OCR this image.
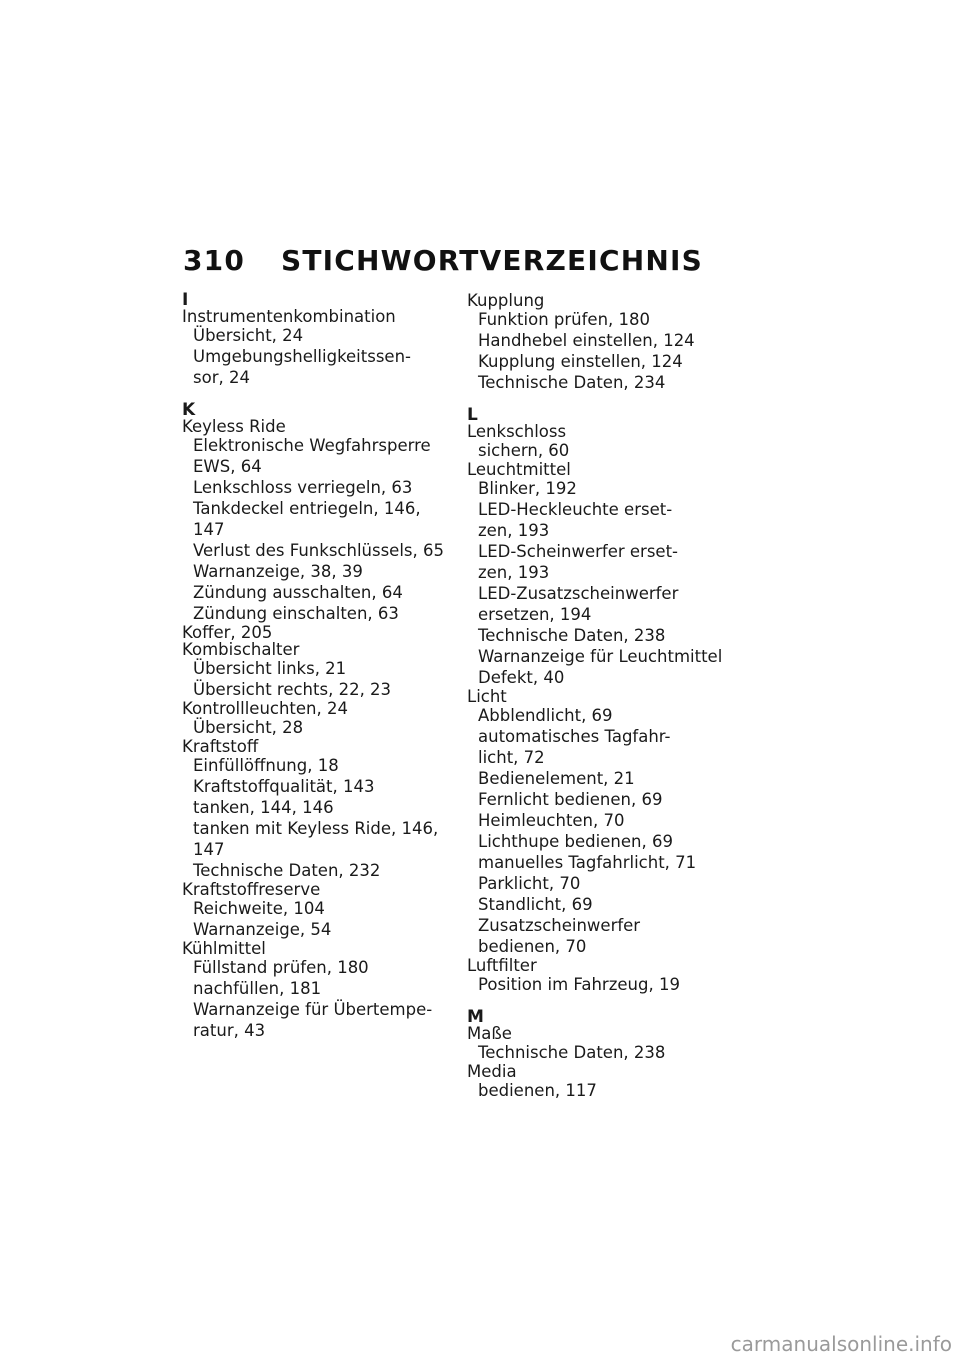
310	STICHWORTVERZEICHNIS
I
Instrumentenkombination
Übersicht, 24
Umgebungshelligkeitssen-
sor, 24
K
Keyless Ride
Elektronische Wegfahrsperre
EWS, 64
Lenkschloss verriegeln, 63
Tankdeckel entriegeln, 146,
147
Verlust des Funkschlüssels, 65
Warnanzeige, 38, 39
Zündung ausschalten, 64
Zündung einschalten, 63
Koffer, 205
Kombischalter
Übersicht links, 21
Übersicht rechts, 22, 23
Kontrollleuchten, 24
Übersicht, 28
Kraftstoff
Einfüllöffnung, 18
Kraftstoffqualität, 143
tanken, 144, 146
tanken mit Keyless Ride, 146,
147
Technische Daten, 232
Kraftstoffreserve
Reichweite, 104
Warnanzeige, 54
Kühlmittel
Füllstand prüfen, 180
nachfüllen, 181
Warnanzeige für Übertempe-
ratur, 43
Kupplung
Funktion prüfen, 180
Handhebel einstellen, 124
Kupplung einstellen, 124
Technische Daten, 234
L
Lenkschloss
sichern, 60
Leuchtmittel
Blinker, 192
LED-Heckleuchte erset-
zen, 193
LED-Scheinwerfer erset-
zen, 193
LED-Zusatzscheinwerfer
ersetzen, 194
Technische Daten, 238
Warnanzeige für Leuchtmittel
Defekt, 40
Licht
Abblendlicht, 69
automatisches Tagfahr-
licht, 72
Bedienelement, 21
Fernlicht bedienen, 69
Heimleuchten, 70
Lichthupe bedienen, 69
manuelles Tagfahrlicht, 71
Parklicht, 70
Standlicht, 69
Zusatzscheinwerfer
bedienen, 70
Luftfilter
Position im Fahrzeug, 19
M
Maße
Technische Daten, 238
Media
bedienen, 117
carmanualsonline.info
